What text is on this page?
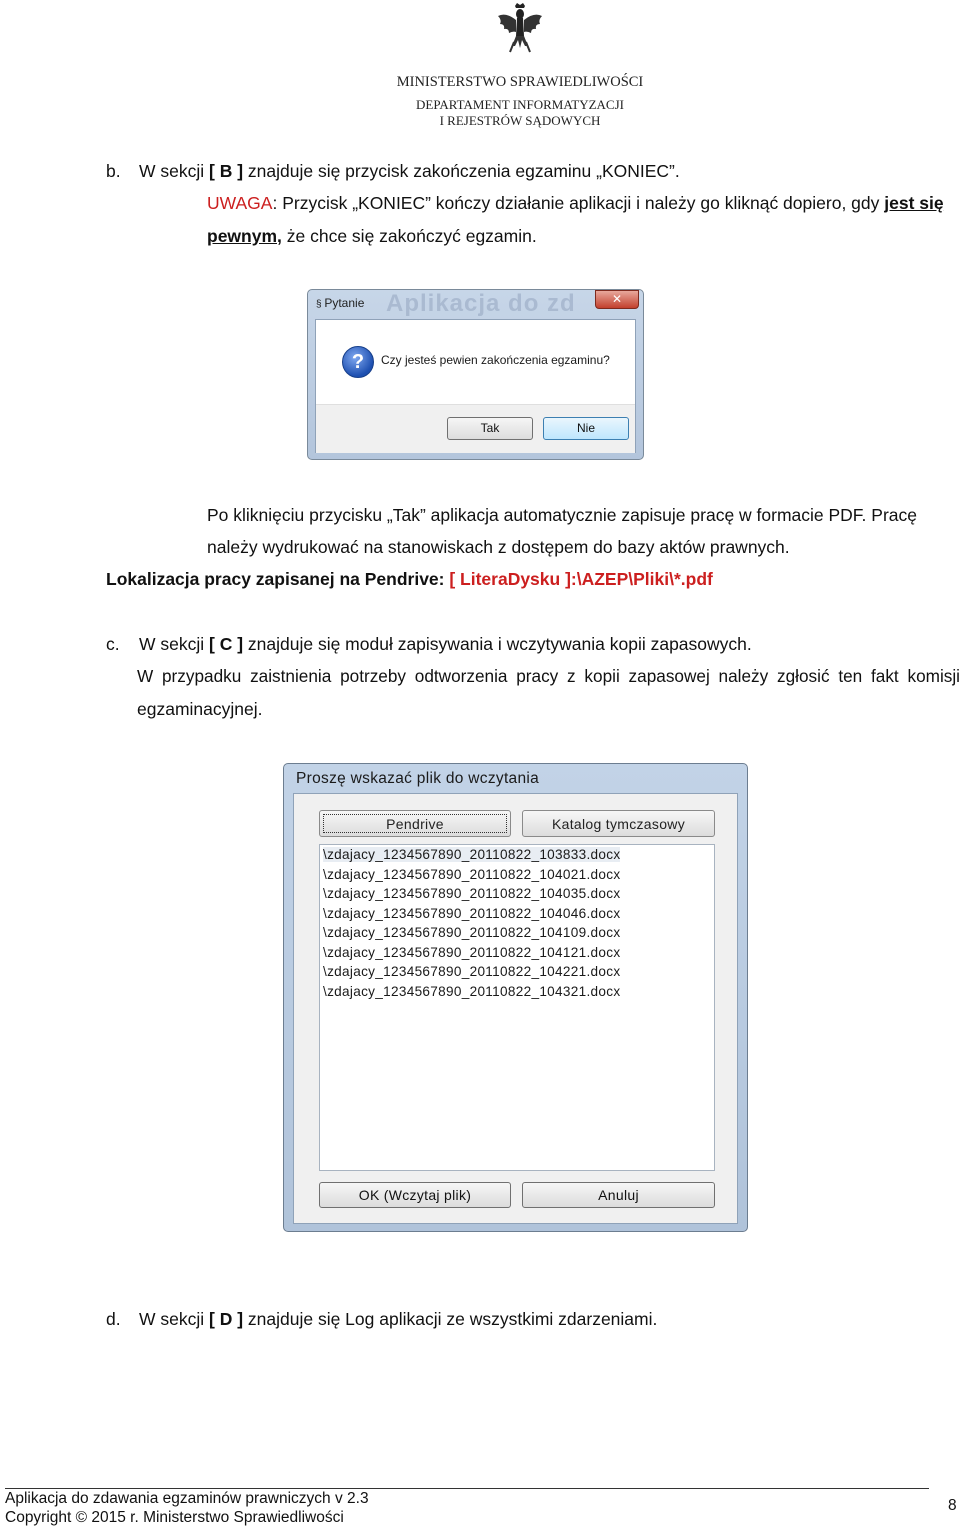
MINISTERSTWO SPRAWIEDLIWOŚCI
DEPARTAMENT INFORMATYZACJI
I REJESTRÓW SĄDOWYCH
b. W sekcji [ B ] znajduje się przycisk zakończenia egzaminu „KONIEC”.
UWAGA: Przycisk „KONIEC” kończy działanie aplikacji i należy go kliknąć dopiero, gdy jest się
pewnym, że chce się zakończyć egzamin.
Aplikacja do zd
§ Pytanie	✕
?	Czy jesteś pewien zakończenia egzaminu?
Tak	Nie
Po kliknięciu przycisku „Tak” aplikacja automatycznie zapisuje pracę w formacie PDF. Pracę
należy wydrukować na stanowiskach z dostępem do bazy aktów prawnych.
Lokalizacja pracy zapisanej na Pendrive: [ LiteraDysku ]:\AZEP\Pliki\*.pdf
c. W sekcji [ C ] znajduje się moduł zapisywania i wczytywania kopii zapasowych.
W przypadku zaistnienia potrzeby odtworzenia pracy z kopii zapasowej należy zgłosić ten fakt komisji
egzaminacyjnej.
Proszę wskazać plik do wczytania
Pendrive	Katalog tymczasowy
\zdajacy_1234567890_20110822_103833.docx
\zdajacy_1234567890_20110822_104021.docx
\zdajacy_1234567890_20110822_104035.docx
\zdajacy_1234567890_20110822_104046.docx
\zdajacy_1234567890_20110822_104109.docx
\zdajacy_1234567890_20110822_104121.docx
\zdajacy_1234567890_20110822_104221.docx
\zdajacy_1234567890_20110822_104321.docx
OK (Wczytaj plik)	Anuluj
d. W sekcji [ D ] znajduje się Log aplikacji ze wszystkimi zdarzeniami.
Aplikacja do zdawania egzaminów prawniczych v 2.3
Copyright © 2015 r. Ministerstwo Sprawiedliwości
8
